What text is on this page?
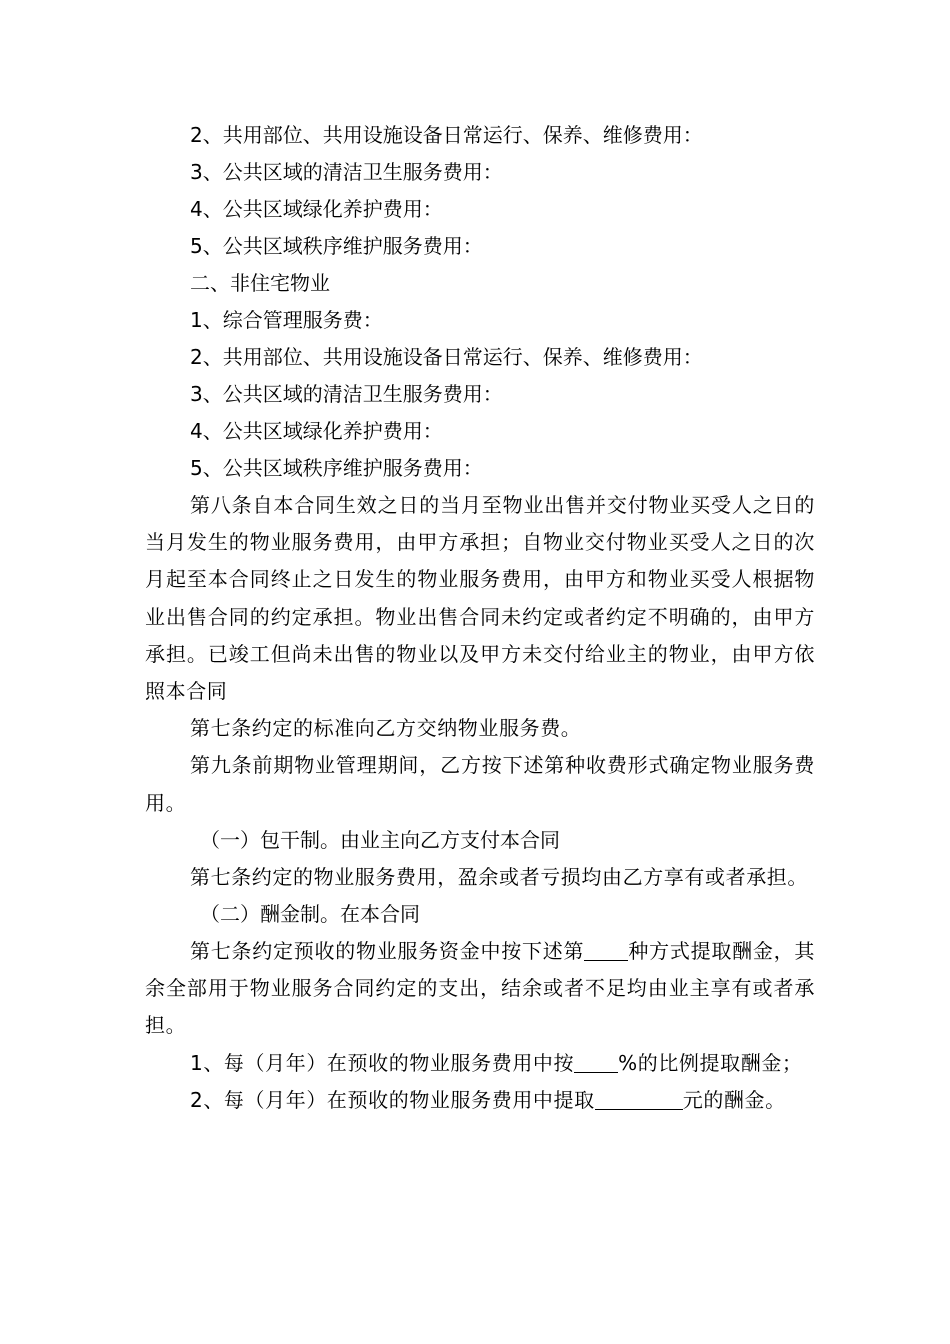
2、共用部位、共用设施设备日常运行、保养、维修费用：

3、公共区域的清洁卫生服务费用：

4、公共区域绿化养护费用：

5、公共区域秩序维护服务费用：

二、非住宅物业

1、综合管理服务费：

2、共用部位、共用设施设备日常运行、保养、维修费用：

3、公共区域的清洁卫生服务费用：

4、公共区域绿化养护费用：

5、公共区域秩序维护服务费用：

第八条自本合同生效之日的当月至物业出售并交付物业买受人之日的当月发生的物业服务费用，由甲方承担；自物业交付物业买受人之日的次月起至本合同终止之日发生的物业服务费用，由甲方和物业买受人根据物业出售合同的约定承担。物业出售合同未约定或者约定不明确的，由甲方承担。已竣工但尚未出售的物业以及甲方未交付给业主的物业，由甲方依照本合同

第七条约定的标准向乙方交纳物业服务费。

第九条前期物业管理期间，乙方按下述第种收费形式确定物业服务费用。

（一）包干制。由业主向乙方支付本合同

第七条约定的物业服务费用，盈余或者亏损均由乙方享有或者承担。

（二）酬金制。在本合同

第七条约定预收的物业服务资金中按下述第 种方式提取酬金，其余全部用于物业服务合同约定的支出，结余或者不足均由业主享有或者承担。

1、每（月年）在预收的物业服务费用中按 %的比例提取酬金；

2、每（月年）在预收的物业服务费用中提取	元的酬金。
